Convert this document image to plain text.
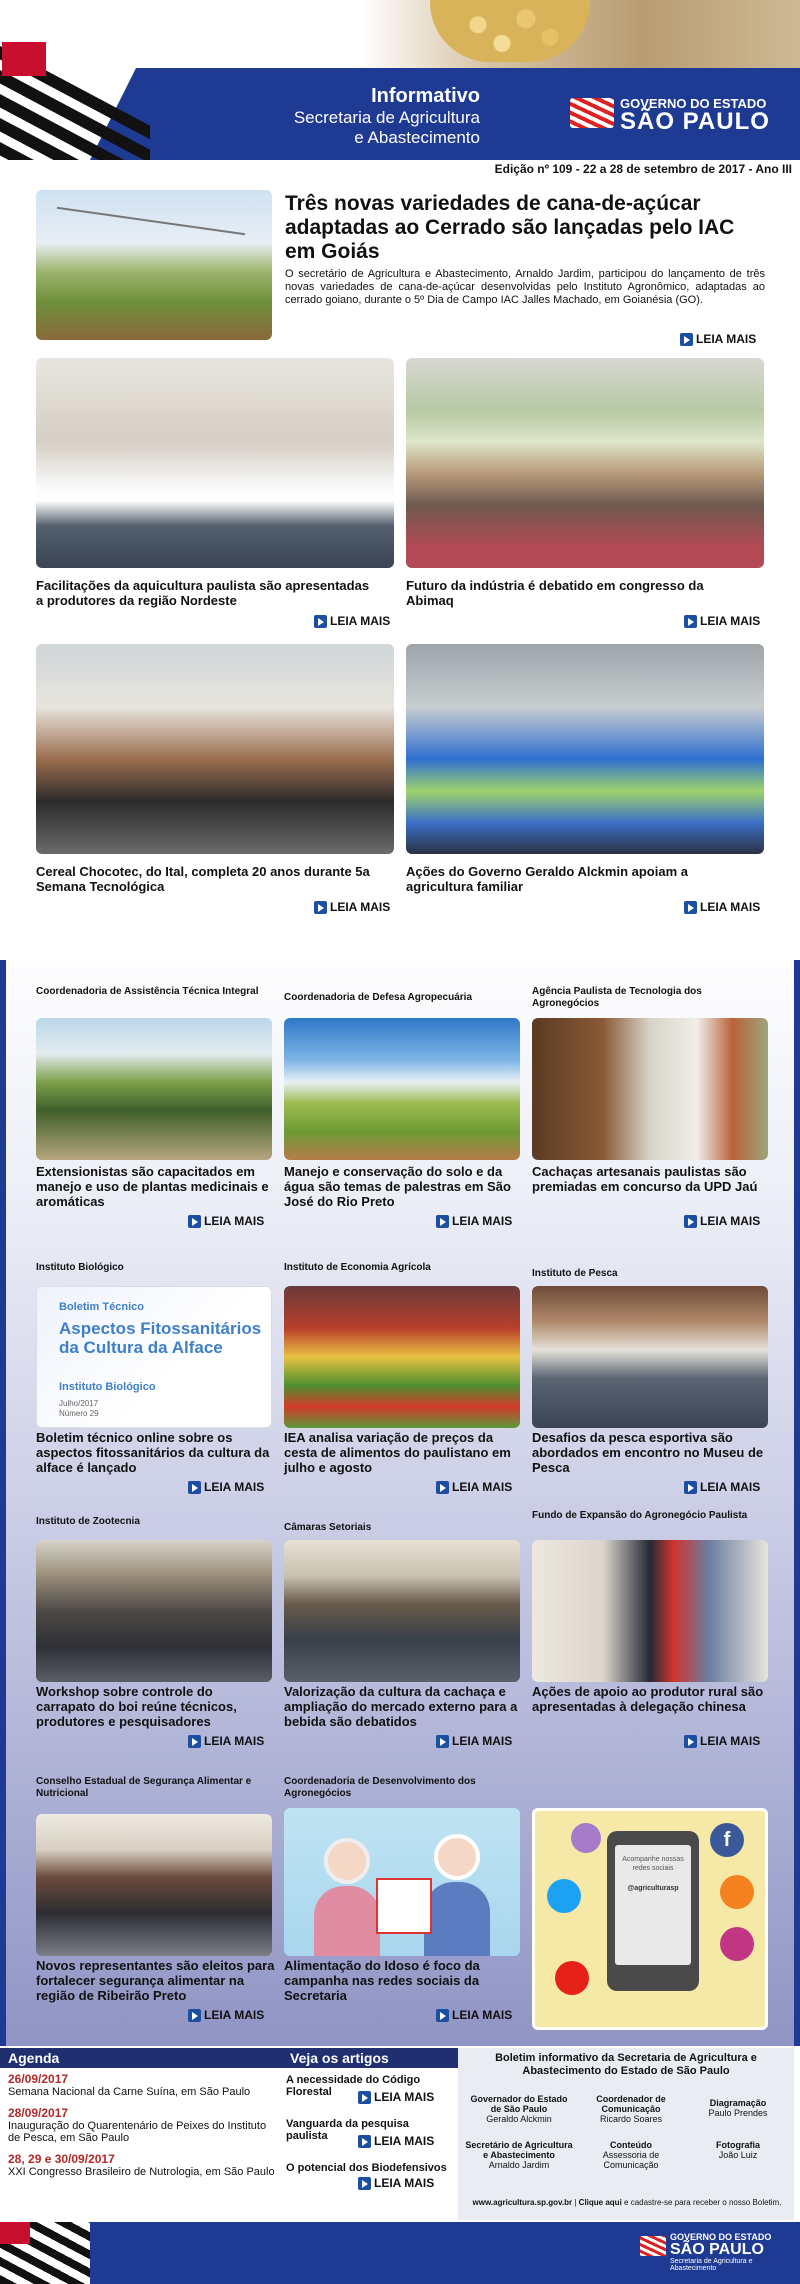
Informativo
Secretaria de Agricultura
e Abastecimento
GOVERNO DO ESTADO
SÃO PAULO
Edição nº 109 - 22 a 28 de setembro de 2017 - Ano III
Três novas variedades de cana-de-açúcar adaptadas ao Cerrado são lançadas pelo IAC em Goiás
O secretário de Agricultura e Abastecimento, Arnaldo Jardim, participou do lançamento de três novas variedades de cana-de-açúcar desenvolvidas pelo Instituto Agronômico, adaptadas ao cerrado goiano, durante o 5º Dia de Campo IAC Jalles Machado, em Goianésia (GO).
LEIA MAIS
Facilitações da aquicultura paulista são apresentadas a produtores da região Nordeste
LEIA MAIS
Futuro da indústria é debatido em congresso da Abimaq
LEIA MAIS
Cereal Chocotec, do Ital, completa 20 anos durante 5a Semana Tecnológica
LEIA MAIS
Ações do Governo Geraldo Alckmin apoiam a agricultura familiar
LEIA MAIS
Coordenadoria de Assistência Técnica Integral
Extensionistas são capacitados em manejo e uso de plantas medicinais e aromáticas
LEIA MAIS
Coordenadoria de Defesa Agropecuária
Manejo e conservação do solo e da água são temas de palestras em São José do Rio Preto
LEIA MAIS
Agência Paulista de Tecnologia dos Agronegócios
Cachaças artesanais paulistas são premiadas em concurso da UPD Jaú
LEIA MAIS
Instituto Biológico
Boletim Técnico
Aspectos Fitossanitários da Cultura da Alface
Instituto Biológico
Julho/2017
Número 29
Boletim técnico online sobre os aspectos fitossanitários da cultura da alface é lançado
LEIA MAIS
Instituto de Economia Agrícola
IEA analisa variação de preços da cesta de alimentos do paulistano em julho e agosto
LEIA MAIS
Instituto de Pesca
Desafios da pesca esportiva são abordados em encontro no Museu de Pesca
LEIA MAIS
Instituto de Zootecnia
Workshop sobre controle do carrapato do boi reúne técnicos, produtores e pesquisadores
LEIA MAIS
Câmaras Setoriais
Valorização da cultura da cachaça e ampliação do mercado externo para a bebida são debatidos
LEIA MAIS
Fundo de Expansão do Agronegócio Paulista
Ações de apoio ao produtor rural são apresentadas à delegação chinesa
LEIA MAIS
Conselho Estadual de Segurança Alimentar e Nutricional
Novos representantes são eleitos para fortalecer segurança alimentar na região de Ribeirão Preto
LEIA MAIS
Coordenadoria de Desenvolvimento dos Agronegócios
Alimentação do Idoso é foco da campanha nas redes sociais da Secretaria
LEIA MAIS
Acompanhe nossas redes sociais
@agriculturasp
f
Agenda
26/09/2017
Semana Nacional da Carne Suína, em São Paulo
28/09/2017
Inauguração do Quarentenário de Peixes do Instituto de Pesca, em São Paulo
28, 29 e 30/09/2017
XXI Congresso Brasileiro de Nutrologia, em São Paulo
Veja os artigos
A necessidade do Código Florestal	LEIA MAIS
Vanguarda da pesquisa paulista	LEIA MAIS
O potencial dos Biodefensivos
LEIA MAIS
Boletim informativo da Secretaria de Agricultura e Abastecimento do Estado de São Paulo
Governador do Estado de São Paulo
Geraldo Alckmin
Coordenador de Comunicação
Ricardo Soares
Diagramação
Paulo Prendes
Secretário de Agricultura e Abastecimento
Arnaldo Jardim
Conteúdo
Assessoria de Comunicação
Fotografia
João Luiz
www.agricultura.sp.gov.br | Clique aqui e cadastre-se para receber o nosso Boletim.
GOVERNO DO ESTADO
SÃO PAULO
Secretaria de Agricultura e Abastecimento
